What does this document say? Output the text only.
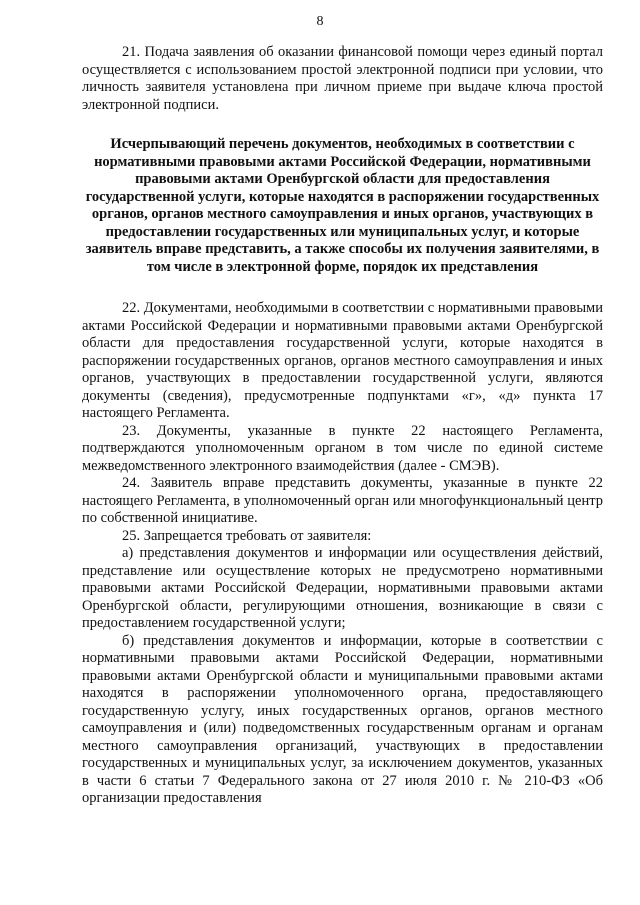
8

21. Подача заявления об оказании финансовой помощи через единый портал осуществляется с использованием простой электронной подписи при условии, что личность заявителя установлена при личном приеме при выдаче ключа простой электронной подписи.

Исчерпывающий перечень документов, необходимых в соответствии с нормативными правовыми актами Российской Федерации, нормативными правовыми актами Оренбургской области для предоставления государственной услуги, которые находятся в распоряжении государственных органов, органов местного самоуправления и иных органов, участвующих в предоставлении государственных или муниципальных услуг, и которые заявитель вправе представить, а также способы их получения заявителями, в том числе в электронной форме, порядок их представления

22. Документами, необходимыми в соответствии с нормативными правовыми актами Российской Федерации и нормативными правовыми актами Оренбургской области для предоставления государственной услуги, которые находятся в распоряжении государственных органов, органов местного самоуправления и иных органов, участвующих в предоставлении государственной услуги, являются документы (сведения), предусмотренные подпунктами «г», «д» пункта 17 настоящего Регламента.

23. Документы, указанные в пункте 22 настоящего Регламента, подтверждаются уполномоченным органом в том числе по единой системе межведомственного электронного взаимодействия (далее - СМЭВ).

24. Заявитель вправе представить документы, указанные в пункте 22 настоящего Регламента, в уполномоченный орган или многофункциональный центр по собственной инициативе.

25. Запрещается требовать от заявителя:

а) представления документов и информации или осуществления действий, представление или осуществление которых не предусмотрено нормативными правовыми актами Российской Федерации, нормативными правовыми актами Оренбургской области, регулирующими отношения, возникающие в связи с предоставлением государственной услуги;

б) представления документов и информации, которые в соответствии с нормативными правовыми актами Российской Федерации, нормативными правовыми актами Оренбургской области и муниципальными правовыми актами находятся в распоряжении уполномоченного органа, предоставляющего государственную услугу, иных государственных органов, органов местного самоуправления и (или) подведомственных государственным органам и органам местного самоуправления организаций, участвующих в предоставлении государственных и муниципальных услуг, за исключением документов, указанных в части 6 статьи 7 Федерального закона от 27 июля 2010 г. № 210-ФЗ «Об организации предоставления
